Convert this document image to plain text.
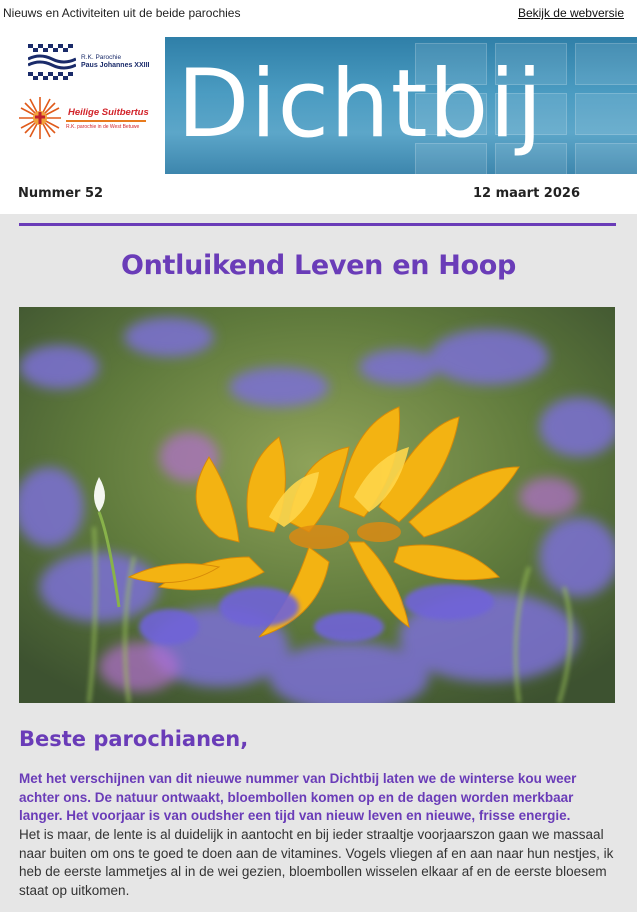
Nieuws en Activiteiten uit de beide parochies	Bekijk de webversie
R.K. Parochie
Paus Johannes XXIII
Heilige Suitbertus
R.K. parochie in de West Betuwe Dichtbij
Nummer 52	12 maart 2026
Ontluikend Leven en Hoop
Beste parochianen,
Met het verschijnen van dit nieuwe nummer van Dichtbij laten we de winterse kou weer achter ons. De natuur ontwaakt, bloembollen komen op en de dagen worden merkbaar langer. Het voorjaar is van oudsher een tijd van nieuw leven en nieuwe, frisse energie.
Het is maar, de lente is al duidelijk in aantocht en bij ieder straaltje voorjaarszon gaan we massaal naar buiten om ons te goed te doen aan de vitamines. Vogels vliegen af en aan naar hun nestjes, ik heb de eerste lammetjes al in de wei gezien, bloembollen wisselen elkaar af en de eerste bloesem staat op uitkomen.
